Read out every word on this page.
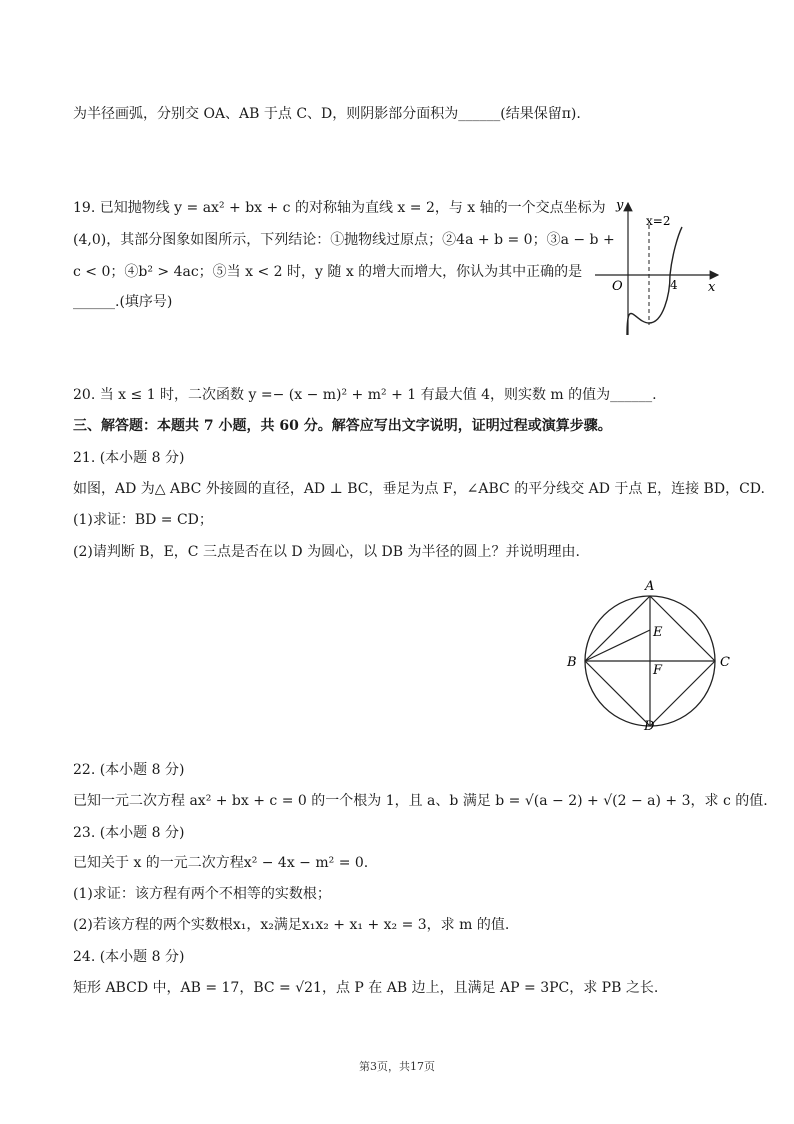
为半径画弧，分别交 OA、AB 于点 C、D，则阴影部分面积为______(结果保留π).
19. 已知抛物线 y = ax² + bx + c 的对称轴为直线 x = 2，与 x 轴的一个交点坐标为
(4,0)，其部分图象如图所示，下列结论：①抛物线过原点；②4a + b = 0；③a − b +
c < 0；④b² > 4ac；⑤当 x < 2 时，y 随 x 的增大而增大，你认为其中正确的是
______.(填序号)
20. 当 x ≤ 1 时，二次函数 y =− (x − m)² + m² + 1 有最大值 4，则实数 m 的值为______.
三、解答题：本题共 7 小题，共 60 分。解答应写出文字说明，证明过程或演算步骤。
21. (本小题 8 分)
如图，AD 为△ ABC 外接圆的直径，AD ⊥ BC，垂足为点 F，∠ABC 的平分线交 AD 于点 E，连接 BD，CD.
(1)求证：BD = CD；
(2)请判断 B，E，C 三点是否在以 D 为圆心，以 DB 为半径的圆上？并说明理由.
22. (本小题 8 分)
已知一元二次方程 ax² + bx + c = 0 的一个根为 1，且 a、b 满足 b = √(a − 2) + √(2 − a) + 3，求 c 的值.
23. (本小题 8 分)
已知关于 x 的一元二次方程x² − 4x − m² = 0.
(1)求证：该方程有两个不相等的实数根；
(2)若该方程的两个实数根x₁，x₂满足x₁x₂ + x₁ + x₂ = 3，求 m 的值.
24. (本小题 8 分)
矩形 ABCD 中，AB = 17，BC = √21，点 P 在 AB 边上，且满足 AP = 3PC，求 PB 之长.
y
x
O
x=2
4
A
B	C
D
E
F
第3页，共17页
